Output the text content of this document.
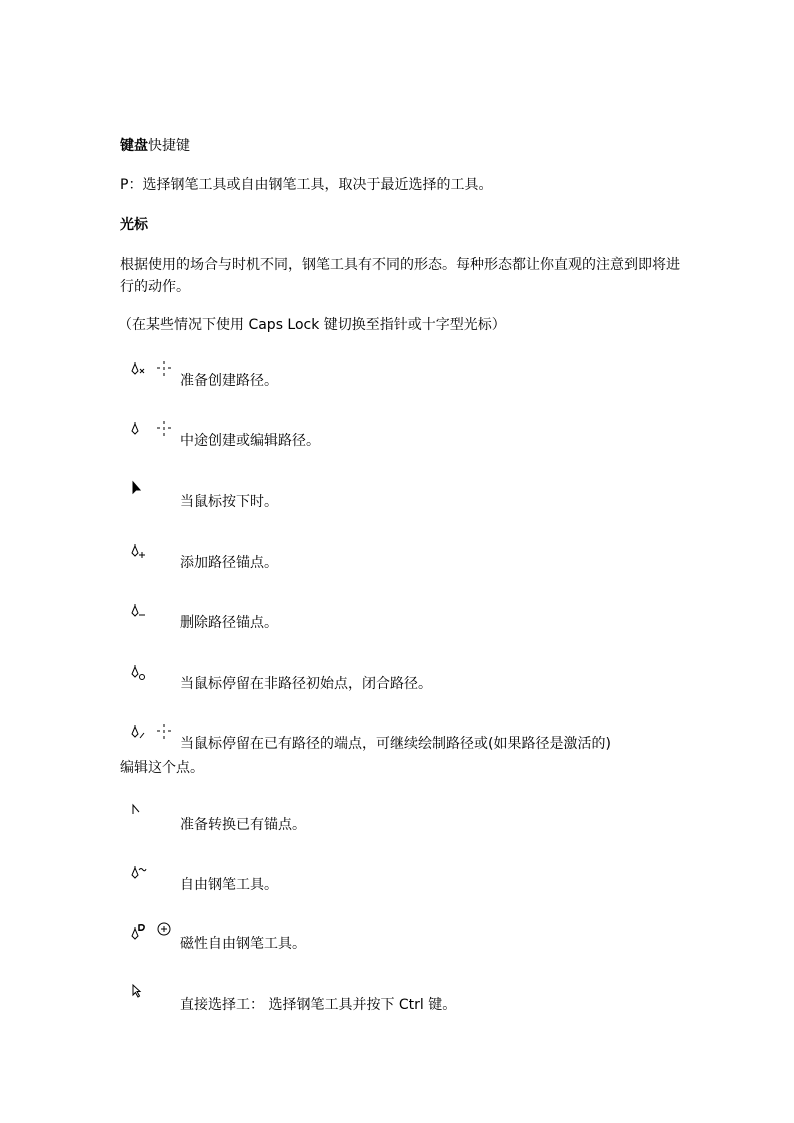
键盘快捷键
P：选择钢笔工具或自由钢笔工具，取决于最近选择的工具。
光标
根据使用的场合与时机不同，钢笔工具有不同的形态。每种形态都让你直观的注意到即将进行的动作。
（在某些情况下使用 Caps Lock 键切换至指针或十字型光标）
准备创建路径。
中途创建或编辑路径。
当鼠标按下时。
添加路径锚点。
删除路径锚点。
当鼠标停留在非路径初始点，闭合路径。
当鼠标停留在已有路径的端点，可继续绘制路径或(如果路径是激活的)
编辑这个点。
准备转换已有锚点。
自由钢笔工具。
磁性自由钢笔工具。
直接选择工： 选择钢笔工具并按下 Ctrl 键。
